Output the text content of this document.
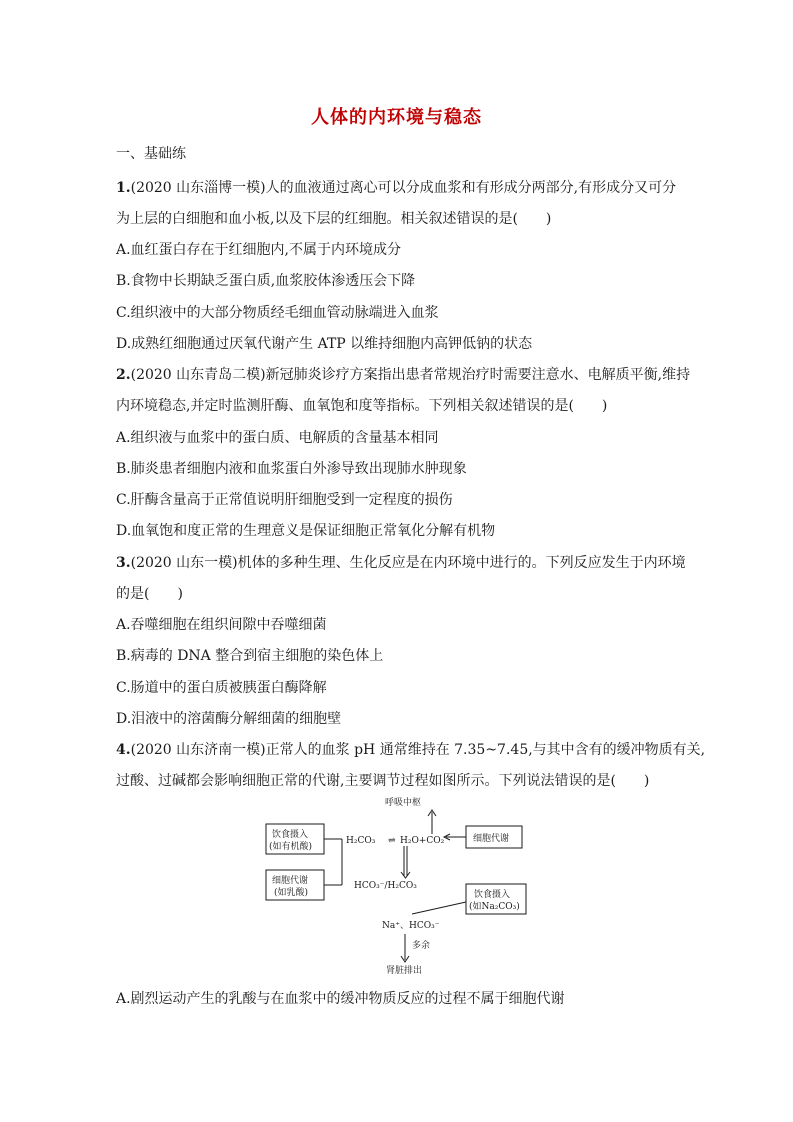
人体的内环境与稳态
一、基础练
1.(2020 山东淄博一模)人的血液通过离心可以分成血浆和有形成分两部分,有形成分又可分
为上层的白细胞和血小板,以及下层的红细胞。相关叙述错误的是(　　)
A.血红蛋白存在于红细胞内,不属于内环境成分
B.食物中长期缺乏蛋白质,血浆胶体渗透压会下降
C.组织液中的大部分物质经毛细血管动脉端进入血浆
D.成熟红细胞通过厌氧代谢产生 ATP 以维持细胞内高钾低钠的状态
2.(2020 山东青岛二模)新冠肺炎诊疗方案指出患者常规治疗时需要注意水、电解质平衡,维持
内环境稳态,并定时监测肝酶、血氧饱和度等指标。下列相关叙述错误的是(　　)
A.组织液与血浆中的蛋白质、电解质的含量基本相同
B.肺炎患者细胞内液和血浆蛋白外渗导致出现肺水肿现象
C.肝酶含量高于正常值说明肝细胞受到一定程度的损伤
D.血氧饱和度正常的生理意义是保证细胞正常氧化分解有机物
3.(2020 山东一模)机体的多种生理、生化反应是在内环境中进行的。下列反应发生于内环境
的是(　　)
A.吞噬细胞在组织间隙中吞噬细菌
B.病毒的 DNA 整合到宿主细胞的染色体上
C.肠道中的蛋白质被胰蛋白酶降解
D.泪液中的溶菌酶分解细菌的细胞壁
4.(2020 山东济南一模)正常人的血浆 pH 通常维持在 7.35~7.45,与其中含有的缓冲物质有关,
过酸、过碱都会影响细胞正常的代谢,主要调节过程如图所示。下列说法错误的是(　　)
呼吸中枢
饮食摄入
(如有机酸)
H₂CO₃ ⇌ H₂O+CO₂	细胞代谢
细胞代谢
(如乳酸)
HCO₃⁻/H₂CO₃
饮食摄入
(如Na₂CO₃)
Na⁺、HCO₃⁻
多余
肾脏排出
A.剧烈运动产生的乳酸与在血浆中的缓冲物质反应的过程不属于细胞代谢
